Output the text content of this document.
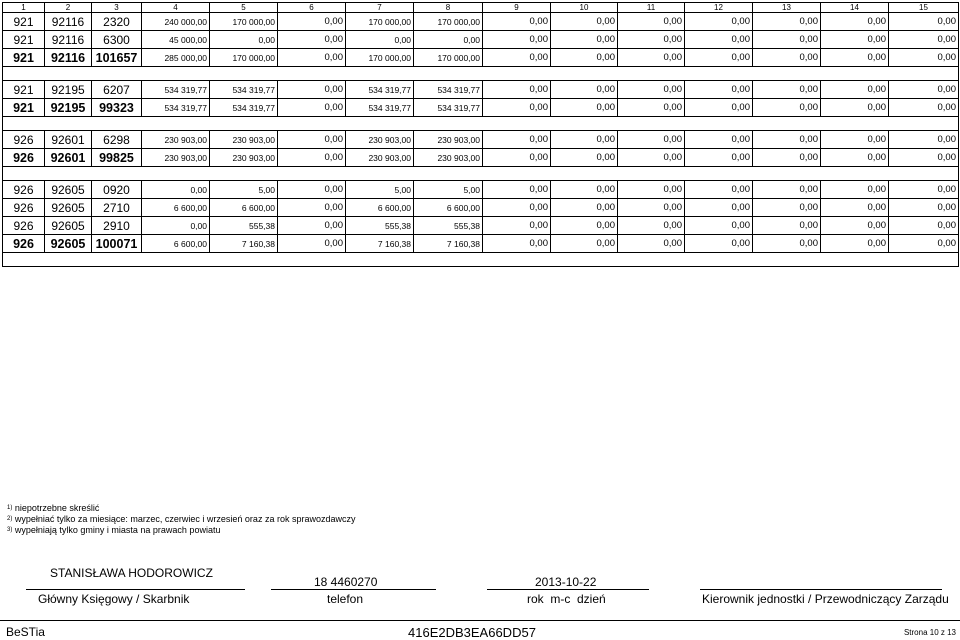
1	2	3	4	5	6	7	8	9	10	11	12	13	14	15
921	92116	2320	240 000,00	170 000,00	0,00	170 000,00	170 000,00	0,00	0,00	0,00	0,00	0,00	0,00	0,00
921	92116	6300	45 000,00	0,00	0,00	0,00	0,00	0,00	0,00	0,00	0,00	0,00	0,00	0,00
921	92116	101657	285 000,00	170 000,00	0,00	170 000,00	170 000,00	0,00	0,00	0,00	0,00	0,00	0,00	0,00

921	92195	6207	534 319,77	534 319,77	0,00	534 319,77	534 319,77	0,00	0,00	0,00	0,00	0,00	0,00	0,00
921	92195	99323	534 319,77	534 319,77	0,00	534 319,77	534 319,77	0,00	0,00	0,00	0,00	0,00	0,00	0,00

926	92601	6298	230 903,00	230 903,00	0,00	230 903,00	230 903,00	0,00	0,00	0,00	0,00	0,00	0,00	0,00
926	92601	99825	230 903,00	230 903,00	0,00	230 903,00	230 903,00	0,00	0,00	0,00	0,00	0,00	0,00	0,00

926	92605	0920	0,00	5,00	0,00	5,00	5,00	0,00	0,00	0,00	0,00	0,00	0,00	0,00
926	92605	2710	6 600,00	6 600,00	0,00	6 600,00	6 600,00	0,00	0,00	0,00	0,00	0,00	0,00	0,00
926	92605	2910	0,00	555,38	0,00	555,38	555,38	0,00	0,00	0,00	0,00	0,00	0,00	0,00
926	92605	100071	6 600,00	7 160,38	0,00	7 160,38	7 160,38	0,00	0,00	0,00	0,00	0,00	0,00	0,00

$^{1)}$ niepotrzebne skreślić
$^{2)}$ wypełniać tylko za miesiące: marzec, czerwiec i wrzesień oraz za rok sprawozdawczy
$^{3)}$ wypełniają tylko gminy i miasta na prawach powiatu
STANISŁAWA HODOROWICZ
18 4460270	2013-10-22
Główny Księgowy / Skarbnik	telefon	rok  m-c  dzień	Kierownik jednostki / Przewodniczący Zarządu
BeSTia	416E2DB3EA66DD57	Strona 10 z 13
